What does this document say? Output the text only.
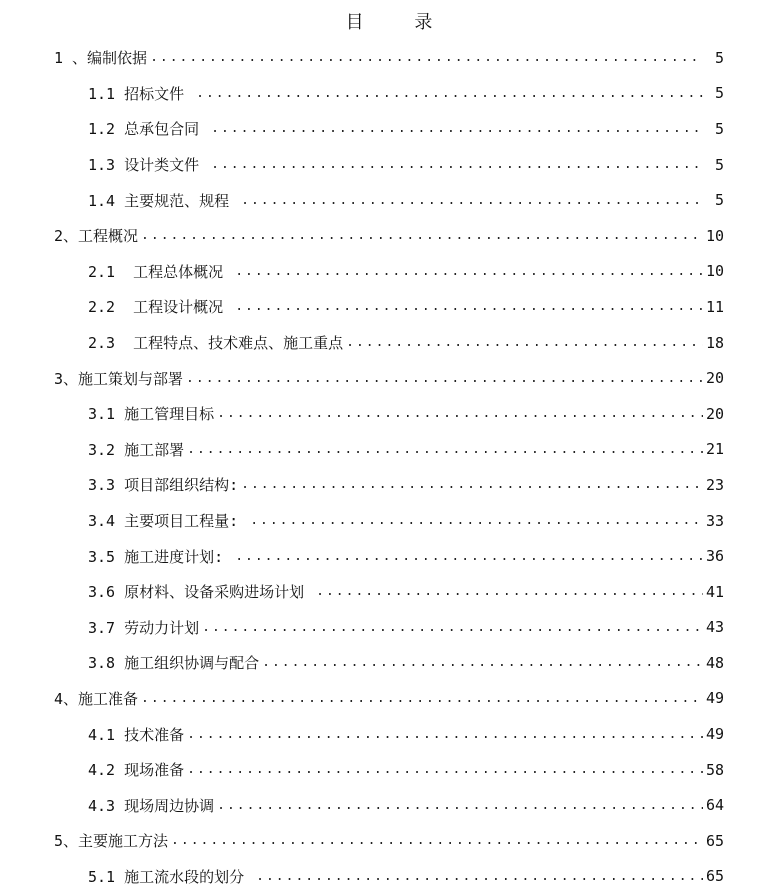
目 录
1 、编制依据 .....	5
1.1 招标文件 .....	5
1.2 总承包合同 .....	5
1.3 设计类文件 .....	5
1.4 主要规范、规程 .....	5
2、工程概况 .....	10
2.1  工程总体概况 .....	10
2.2  工程设计概况 .....	11
2.3  工程特点、技术难点、施工重点 .....	18
3、施工策划与部署 .....	20
3.1 施工管理目标 .....	20
3.2 施工部署 .....	21
3.3 项目部组织结构: .....	23
3.4 主要项目工程量: .....	33
3.5 施工进度计划: .....	36
3.6 原材料、设备采购进场计划 .....	41
3.7 劳动力计划 .....	43
3.8 施工组织协调与配合 .....	48
4、施工准备 .....	49
4.1 技术准备 .....	49
4.2 现场准备 .....	58
4.3 现场周边协调 .....	64
5、主要施工方法 .....	65
5.1 施工流水段的划分 .....	65
